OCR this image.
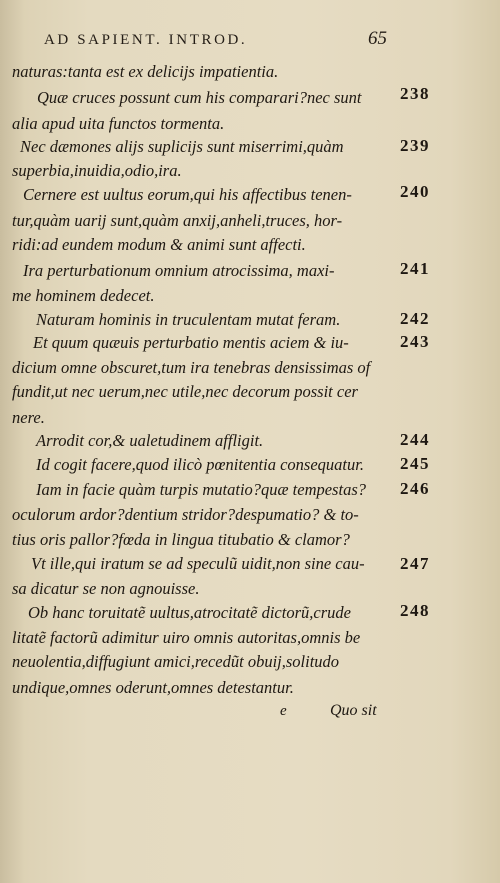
AD SAPIENT. INTROD.	65
naturas:tanta est ex delicijs impatientia.
Quæ cruces possunt cum his comparari?nec sunt
alia apud uita functos tormenta.
Nec dæmones alijs suplicijs sunt miserrimi,quàm
superbia,inuidia,odio,ira.
Cernere est uultus eorum,qui his affectibus tenen-
tur,quàm uarij sunt,quàm anxij,anheli,truces, hor-
ridi:ad eundem modum & animi sunt affecti.
Ira perturbationum omnium atrocissima, maxi-
me hominem dedecet.
Naturam hominis in truculentam mutat feram.
Et quum quæuis perturbatio mentis aciem & iu-
dicium omne obscuret,tum ira tenebras densissimas of
fundit,ut nec uerum,nec utile,nec decorum possit cer
nere.
Arrodit cor,& ualetudinem affligit.
Id cogit facere,quod ilicò pœnitentia consequatur.
Iam in facie quàm turpis mutatio?quæ tempestas?
oculorum ardor?dentium stridor?despumatio? & to-
tius oris pallor?fœda in lingua titubatio & clamor?
Vt ille,qui iratum se ad speculũ uidit,non sine cau-
sa dicatur se non agnouisse.
Ob hanc toruitatẽ uultus,atrocitatẽ dictorũ,crude
litatẽ factorũ adimitur uiro omnis autoritas,omnis be
neuolentia,diffugiunt amici,recedũt obuij,solitudo
undique,omnes oderunt,omnes detestantur.
238
239
240
241
242
243
244
245
246
247
248
e	Quo sit
